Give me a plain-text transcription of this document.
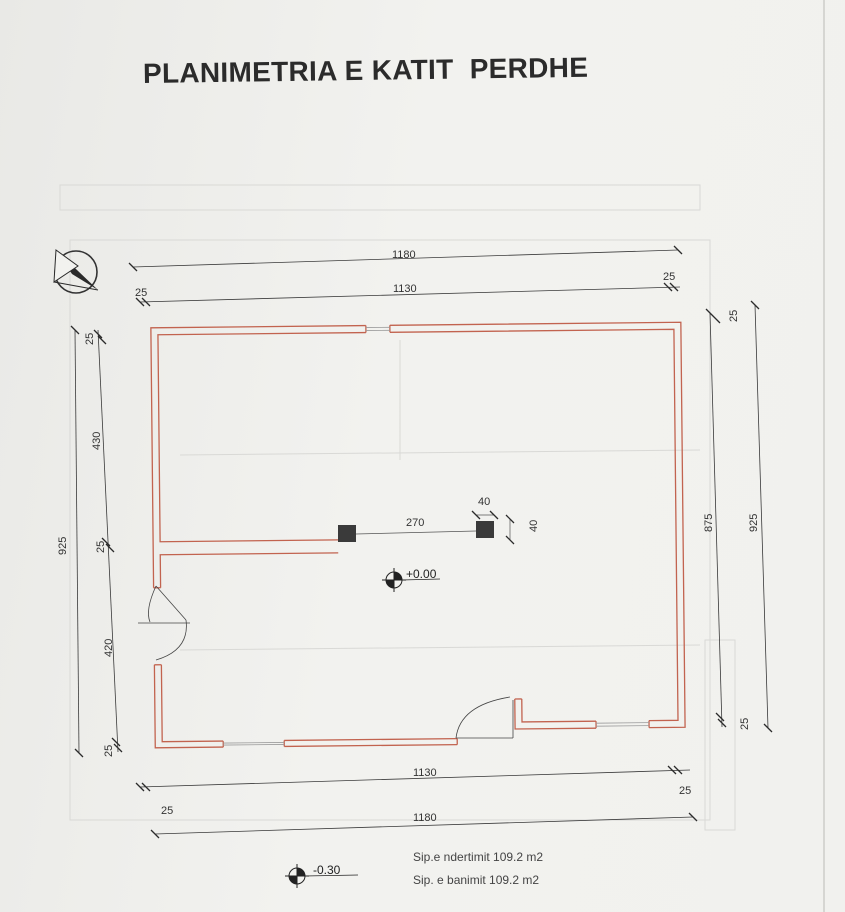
PLANIMETRIA E KATIT  PERDHE
1180
1130
25
25
1130
25
25
1180
270
40
40
925
25
430
25
420
25
875
25
25
925
+0.00
-0.30
Sip.e ndertimit 109.2 m2
Sip. e banimit 109.2 m2
